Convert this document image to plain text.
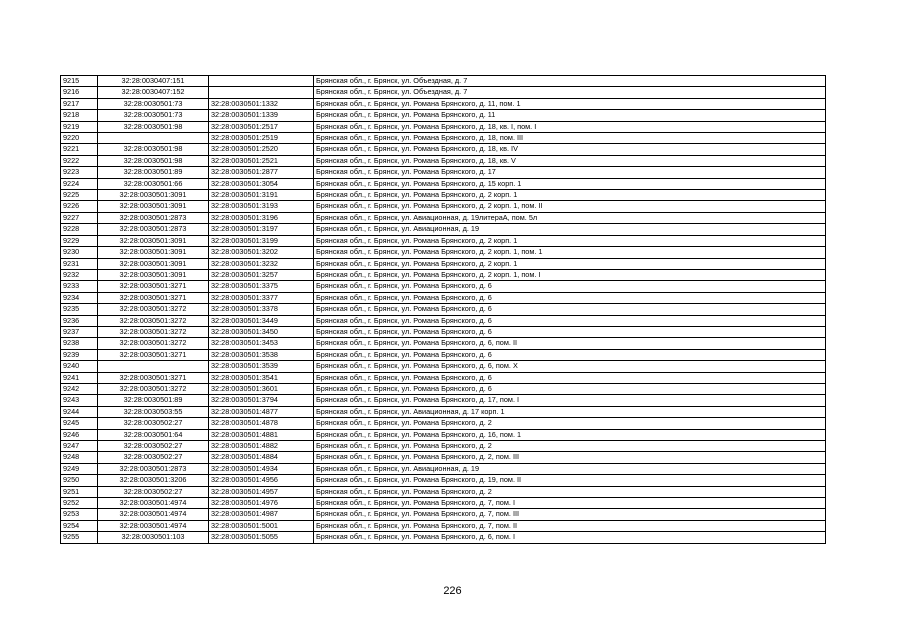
9215	32:28:0030407:151		Брянская обл., г. Брянск, ул. Объездная, д. 7
9216	32:28:0030407:152		Брянская обл., г. Брянск, ул. Объездная, д. 7
9217	32:28:0030501:73	32:28:0030501:1332	Брянская обл., г. Брянск, ул. Романа Брянского, д. 11, пом. 1
9218	32:28:0030501:73	32:28:0030501:1339	Брянская обл., г. Брянск, ул. Романа Брянского, д. 11
9219	32:28:0030501:98	32:28:0030501:2517	Брянская обл., г. Брянск, ул. Романа Брянского, д. 18, кв. I, пом. I
9220		32:28:0030501:2519	Брянская обл., г. Брянск, ул. Романа Брянского, д. 18, пом. III
9221	32:28:0030501:98	32:28:0030501:2520	Брянская обл., г. Брянск, ул. Романа Брянского, д. 18, кв. IV
9222	32:28:0030501:98	32:28:0030501:2521	Брянская обл., г. Брянск, ул. Романа Брянского, д. 18, кв. V
9223	32:28:0030501:89	32:28:0030501:2877	Брянская обл., г. Брянск, ул. Романа Брянского, д. 17
9224	32:28:0030501:66	32:28:0030501:3054	Брянская обл., г. Брянск, ул. Романа Брянского, д. 15 корп. 1
9225	32:28:0030501:3091	32:28:0030501:3191	Брянская обл., г. Брянск, ул. Романа Брянского, д. 2 корп. 1
9226	32:28:0030501:3091	32:28:0030501:3193	Брянская обл., г. Брянск, ул. Романа Брянского, д. 2 корп. 1, пом. II
9227	32:28:0030501:2873	32:28:0030501:3196	Брянская обл., г. Брянск, ул. Авиационная, д. 19литераА, пом. 5л
9228	32:28:0030501:2873	32:28:0030501:3197	Брянская обл., г. Брянск, ул. Авиационная, д. 19
9229	32:28:0030501:3091	32:28:0030501:3199	Брянская обл., г. Брянск, ул. Романа Брянского, д. 2 корп. 1
9230	32:28:0030501:3091	32:28:0030501:3202	Брянская обл., г. Брянск, ул. Романа Брянского, д. 2 корп. 1, пом. 1
9231	32:28:0030501:3091	32:28:0030501:3232	Брянская обл., г. Брянск, ул. Романа Брянского, д. 2 корп. 1
9232	32:28:0030501:3091	32:28:0030501:3257	Брянская обл., г. Брянск, ул. Романа Брянского, д. 2 корп. 1, пом. I
9233	32:28:0030501:3271	32:28:0030501:3375	Брянская обл., г. Брянск, ул. Романа Брянского, д. 6
9234	32:28:0030501:3271	32:28:0030501:3377	Брянская обл., г. Брянск, ул. Романа Брянского, д. 6
9235	32:28:0030501:3272	32:28:0030501:3378	Брянская обл., г. Брянск, ул. Романа Брянского, д. 6
9236	32:28:0030501:3272	32:28:0030501:3449	Брянская обл., г. Брянск, ул. Романа Брянского, д. 6
9237	32:28:0030501:3272	32:28:0030501:3450	Брянская обл., г. Брянск, ул. Романа Брянского, д. 6
9238	32:28:0030501:3272	32:28:0030501:3453	Брянская обл., г. Брянск, ул. Романа Брянского, д. 6, пом. II
9239	32:28:0030501:3271	32:28:0030501:3538	Брянская обл., г. Брянск, ул. Романа Брянского, д. 6
9240		32:28:0030501:3539	Брянская обл., г. Брянск, ул. Романа Брянского, д. 6, пом. X
9241	32:28:0030501:3271	32:28:0030501:3541	Брянская обл., г. Брянск, ул. Романа Брянского, д. 6
9242	32:28:0030501:3272	32:28:0030501:3601	Брянская обл., г. Брянск, ул. Романа Брянского, д. 6
9243	32:28:0030501:89	32:28:0030501:3794	Брянская обл., г. Брянск, ул. Романа Брянского, д. 17, пом. I
9244	32:28:0030503:55	32:28:0030501:4877	Брянская обл., г. Брянск, ул. Авиационная, д. 17 корп. 1
9245	32:28:0030502:27	32:28:0030501:4878	Брянская обл., г. Брянск, ул. Романа Брянского, д. 2
9246	32:28:0030501:64	32:28:0030501:4881	Брянская обл., г. Брянск, ул. Романа Брянского, д. 16, пом. 1
9247	32:28:0030502:27	32:28:0030501:4882	Брянская обл., г. Брянск, ул. Романа Брянского, д. 2
9248	32:28:0030502:27	32:28:0030501:4884	Брянская обл., г. Брянск, ул. Романа Брянского, д. 2, пом. III
9249	32:28:0030501:2873	32:28:0030501:4934	Брянская обл., г. Брянск, ул. Авиационная, д. 19
9250	32:28:0030501:3206	32:28:0030501:4956	Брянская обл., г. Брянск, ул. Романа Брянского, д. 19, пом. II
9251	32:28:0030502:27	32:28:0030501:4957	Брянская обл., г. Брянск, ул. Романа Брянского, д. 2
9252	32:28:0030501:4974	32:28:0030501:4976	Брянская обл., г. Брянск, ул. Романа Брянского, д. 7, пом. I
9253	32:28:0030501:4974	32:28:0030501:4987	Брянская обл., г. Брянск, ул. Романа Брянского, д. 7, пом. III
9254	32:28:0030501:4974	32:28:0030501:5001	Брянская обл., г. Брянск, ул. Романа Брянского, д. 7, пом. II
9255	32:28:0030501:103	32:28:0030501:5055	Брянская обл., г. Брянск, ул. Романа Брянского, д. 6, пом. I
226
